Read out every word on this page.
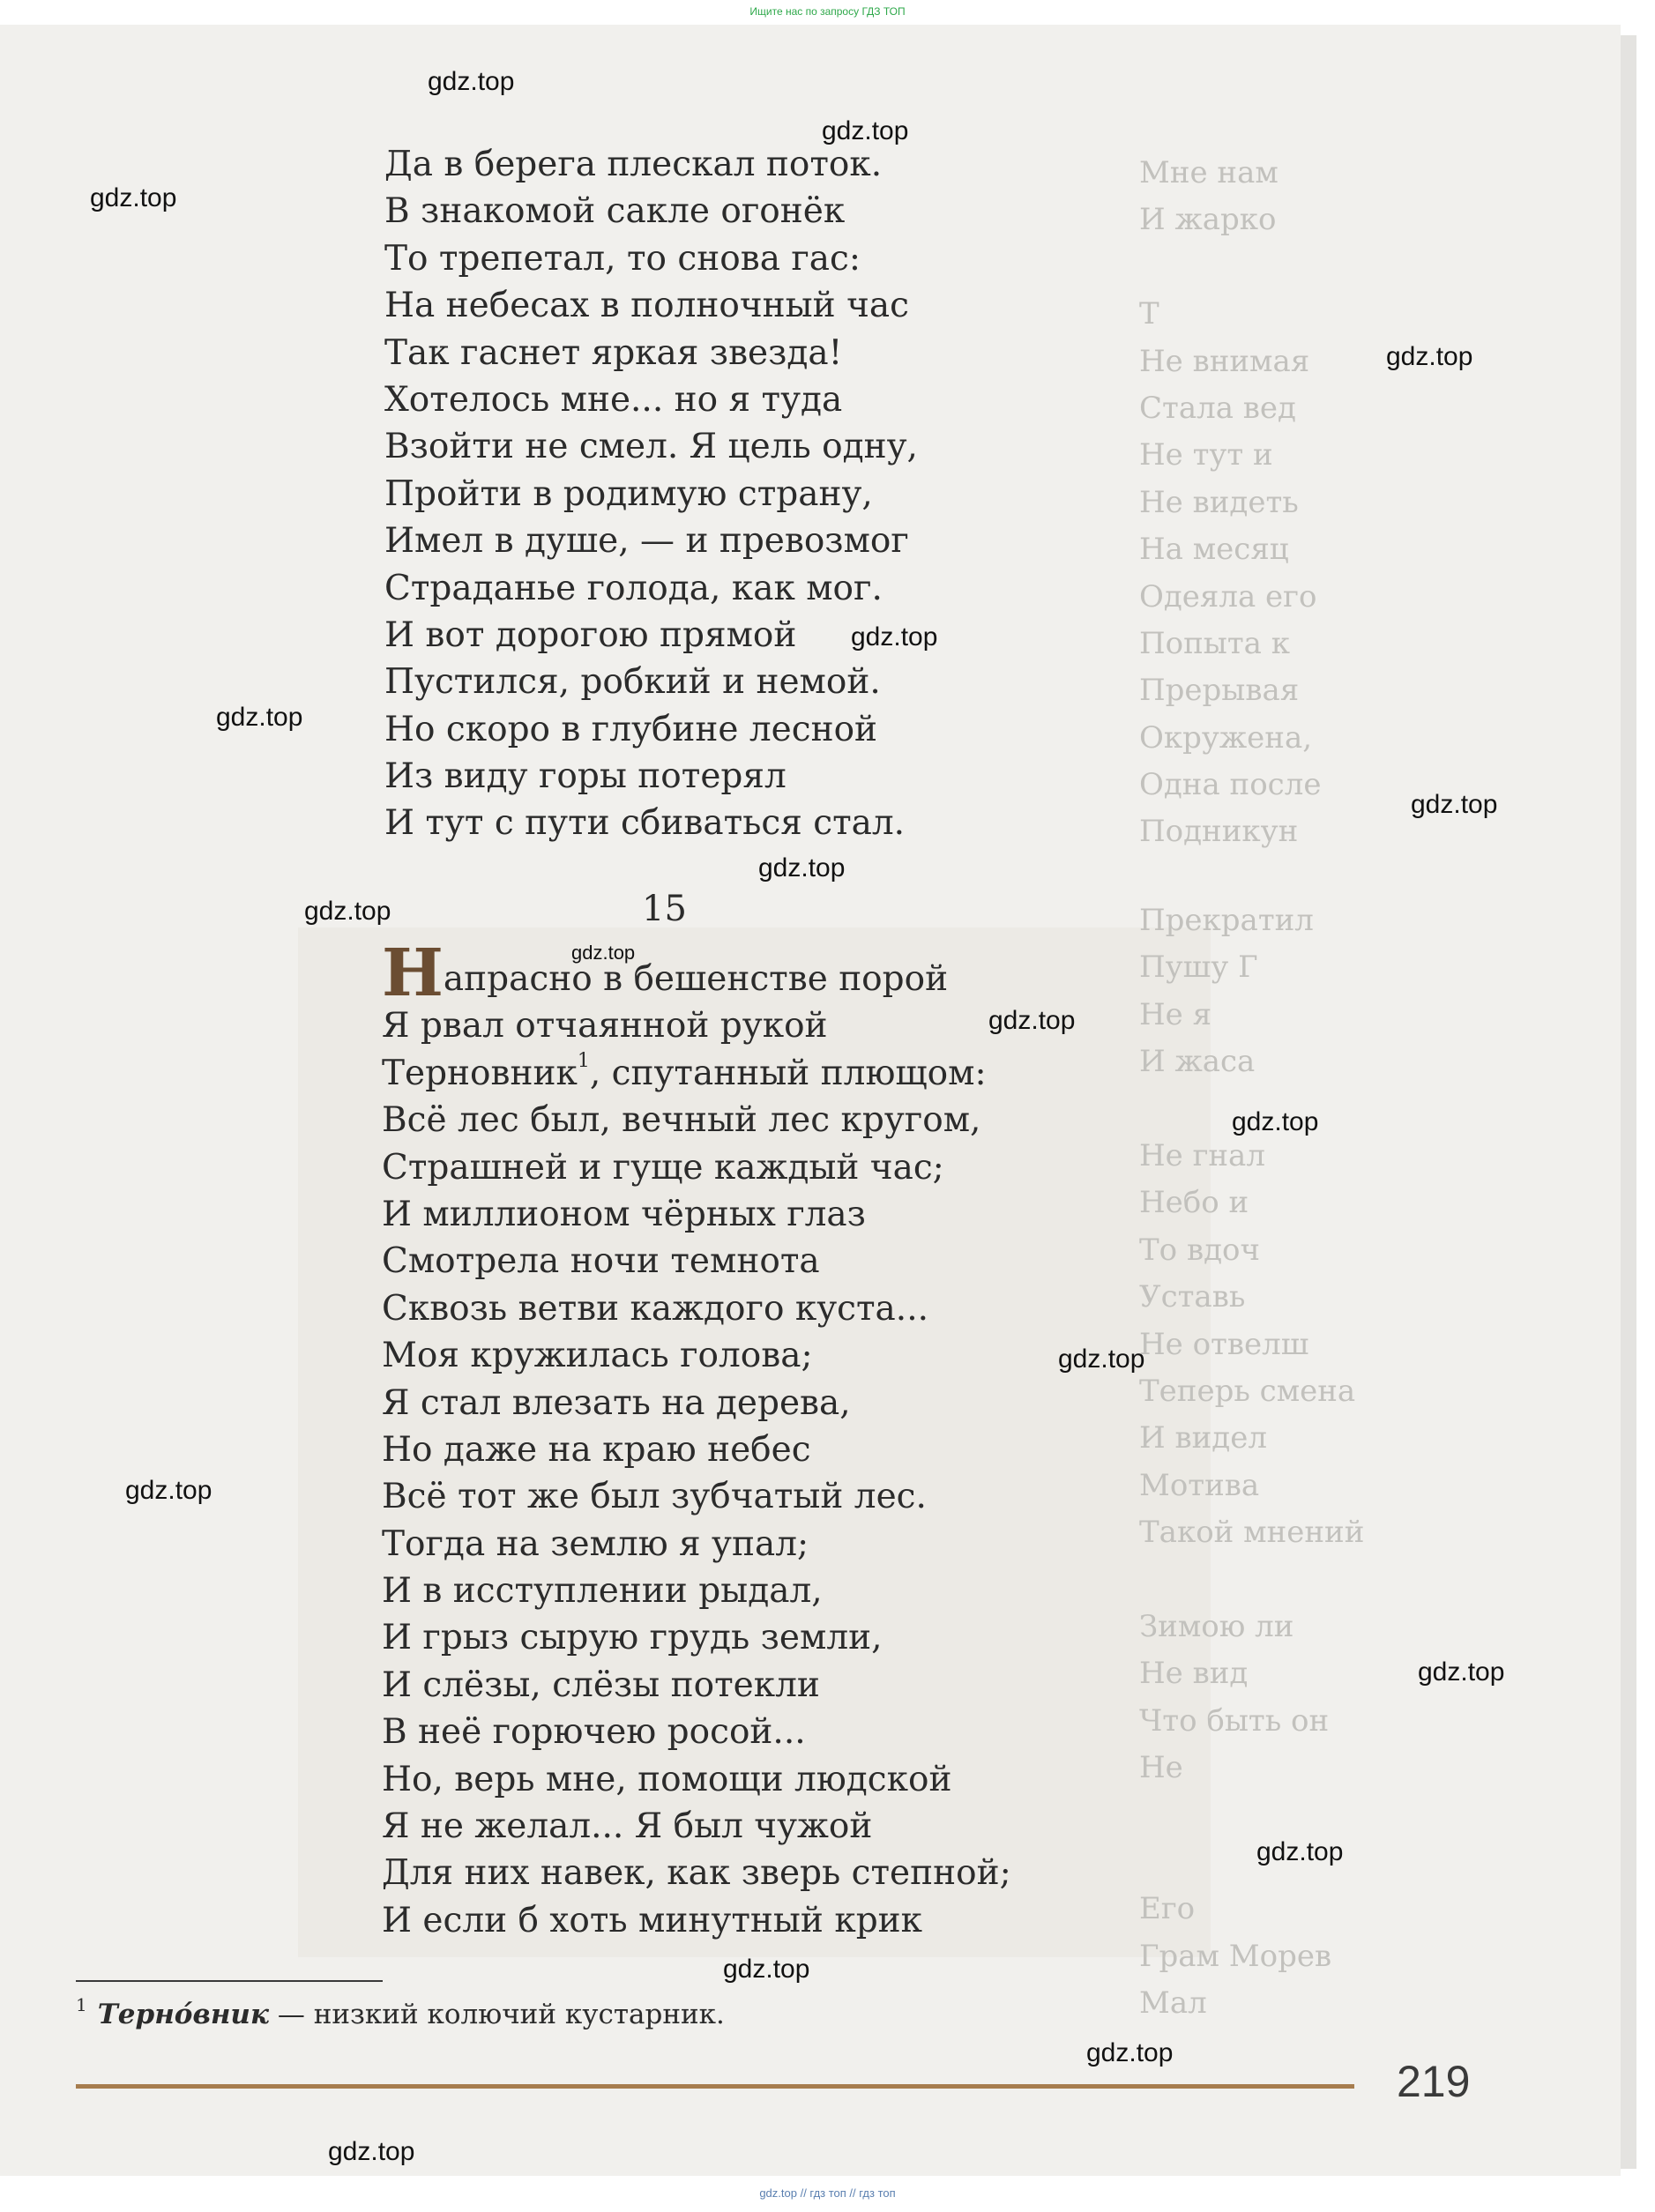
Ищите нас по запросу ГДЗ ТОП
Мне нам
И жарко
Т
Не внимая
Стала вед
Не тут и
Не видеть
На месяц
Одеяла его
Попыта к
Прерывая
Окружена,
Одна после
Подникун
Прекратил
Пушу Г
Не я
И жаса
Не гнал
Небо и
То вдоч
Уставь
Не отвелш
Теперь смена
И видел
Мотива
Такой мнений
Зимою ли
Не вид
Что быть он
Не
Его
Грам Морев
Мал
Да в берега плескал поток.
В знакомой сакле огонёк
То трепетал, то снова гас:
На небесах в полночный час
Так гаснет яркая звезда!
Хотелось мне... но я туда
Взойти не смел. Я цель одну,
Пройти в родимую страну,
Имел в душе, — и превозмог
Страданье голода, как мог.
И вот дорогою прямой
Пустился, робкий и немой.
Но скоро в глубине лесной
Из виду горы потерял
И тут с пути сбиваться стал.
15
Напрасно в бешенстве порой
Я рвал отчаянной рукой
Терновник$^1$, спутанный плющом:
Всё лес был, вечный лес кругом,
Страшней и гуще каждый час;
И миллионом чёрных глаз
Смотрела ночи темнота
Сквозь ветви каждого куста...
Моя кружилась голова;
Я стал влезать на дерева,
Но даже на краю небес
Всё тот же был зубчатый лес.
Тогда на землю я упал;
И в исступлении рыдал,
И грыз сырую грудь земли,
И слёзы, слёзы потекли
В неё горючею росой...
Но, верь мне, помощи людской
Я не желал... Я был чужой
Для них навек, как зверь степной;
И если б хоть минутный крик
$^1$ Терно́вник — низкий колючий кустарник.
219
gdz.top
gdz.top
gdz.top
gdz.top
gdz.top
gdz.top
gdz.top
gdz.top
gdz.top
gdz.top
gdz.top
gdz.top
gdz.top
gdz.top
gdz.top
gdz.top
gdz.top
gdz.top
gdz.top
gdz.top // гдз топ // гдз топ
